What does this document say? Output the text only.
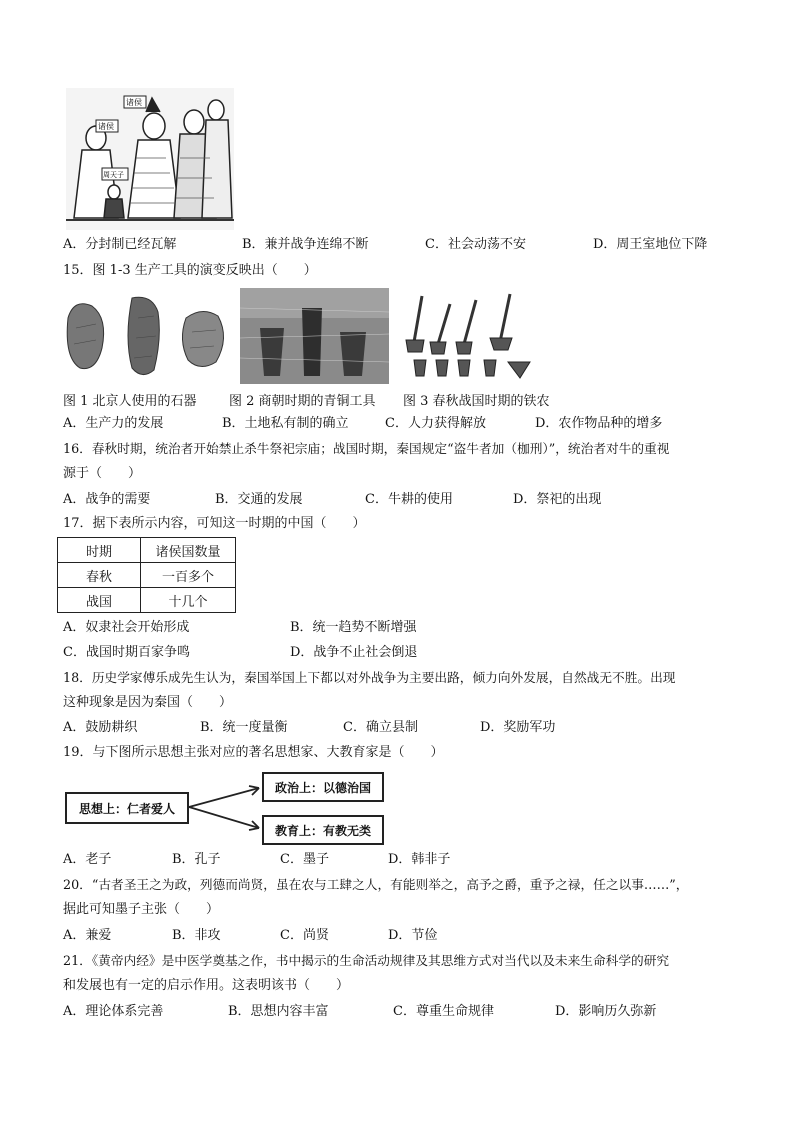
诸侯
诸侯
周天子
A．分封制已经瓦解	B．兼并战争连绵不断	C．社会动荡不安	D．周王室地位下降
15．图 1-3 生产工具的演变反映出（　　）
图 1 北京人使用的石器 图 2 商朝时期的青铜工具 图 3 春秋战国时期的铁农
A．生产力的发展	B．土地私有制的确立	C．人力获得解放	D．农作物品种的增多
16．春秋时期，统治者开始禁止杀牛祭祀宗庙；战国时期，秦国规定“盗牛者加（枷刑）”，统治者对牛的重视
源于（　　）
A．战争的需要	B．交通的发展	C．牛耕的使用	D．祭祀的出现
17．据下表所示内容，可知这一时期的中国（　　）
时期	诸侯国数量
春秋	一百多个
战国	十几个
A．奴隶社会开始形成	B．统一趋势不断增强
C．战国时期百家争鸣	D．战争不止社会倒退
18．历史学家傅乐成先生认为，秦国举国上下都以对外战争为主要出路，倾力向外发展，自然战无不胜。出现
这种现象是因为秦国（　　）
A．鼓励耕织	B．统一度量衡	C．确立县制	D．奖励军功
19．与下图所示思想主张对应的著名思想家、大教育家是（　　）
思想上：仁者爱人
政治上：以德治国
教育上：有教无类
A．老子	B．孔子	C．墨子	D．韩非子
20．“古者圣王之为政，列德而尚贤，虽在农与工肆之人，有能则举之，高予之爵，重予之禄，任之以事……”，
据此可知墨子主张（　　）
A．兼爱	B．非攻	C．尚贤	D．节俭
21．《黄帝内经》是中医学奠基之作，书中揭示的生命活动规律及其思维方式对当代以及未来生命科学的研究
和发展也有一定的启示作用。这表明该书（　　）
A．理论体系完善	B．思想内容丰富	C．尊重生命规律	D．影响历久弥新
